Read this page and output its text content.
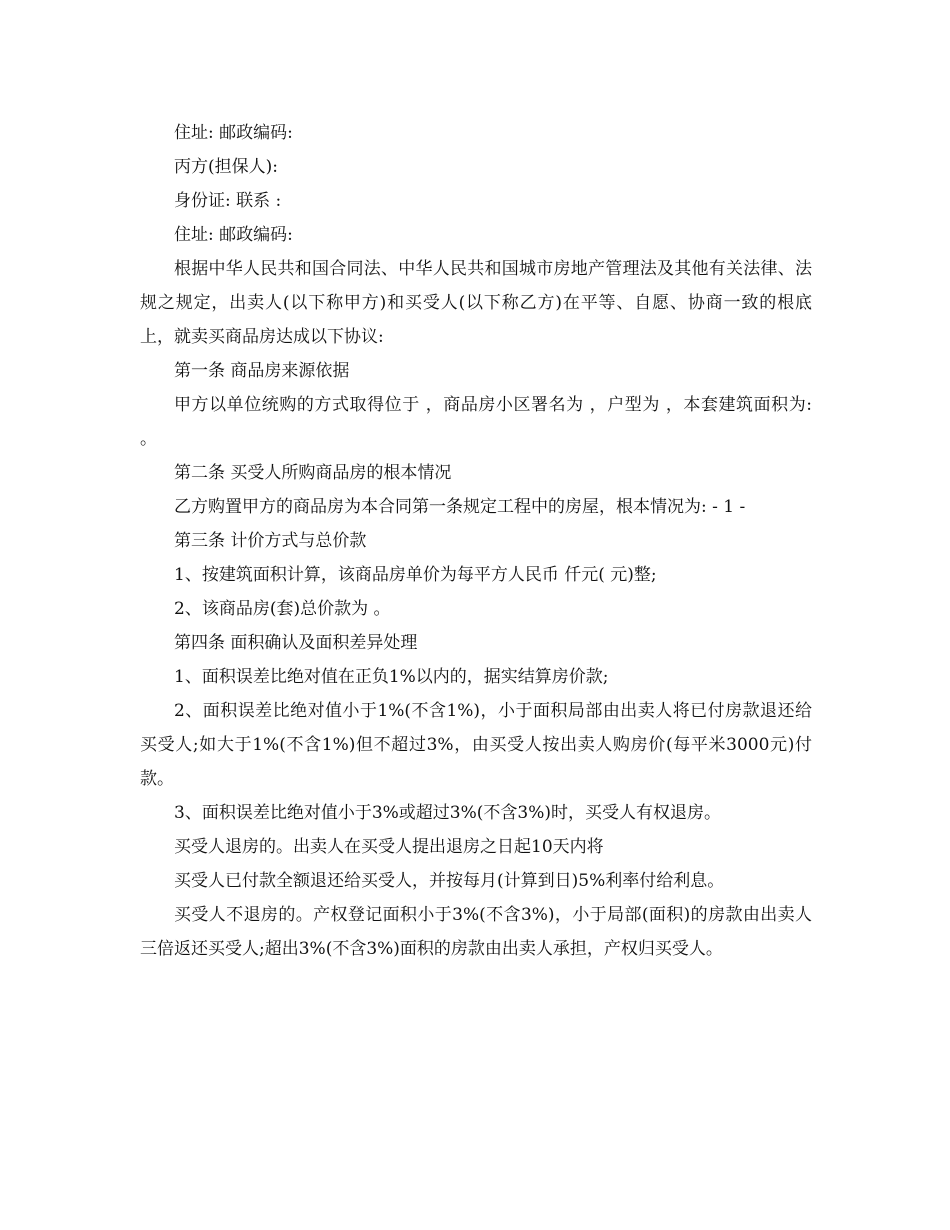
住址: 邮政编码:

丙方(担保人):

身份证: 联系 :

住址: 邮政编码:

根据中华人民共和国合同法、中华人民共和国城市房地产管理法及其他有关法律、法规之规定，出卖人(以下称甲方)和买受人(以下称乙方)在平等、自愿、协商一致的根底上，就卖买商品房达成以下协议:

第一条 商品房来源依据

甲方以单位统购的方式取得位于 ，商品房小区署名为 ，户型为 ，本套建筑面积为: 。

第二条 买受人所购商品房的根本情况

乙方购置甲方的商品房为本合同第一条规定工程中的房屋，根本情况为: - 1 -

第三条 计价方式与总价款

1、按建筑面积计算，该商品房单价为每平方人民币 仟元( 元)整;

2、该商品房(套)总价款为 。

第四条 面积确认及面积差异处理

1、面积误差比绝对值在正负1%以内的，据实结算房价款;

2、面积误差比绝对值小于1%(不含1%)，小于面积局部由出卖人将已付房款退还给买受人;如大于1%(不含1%)但不超过3%，由买受人按出卖人购房价(每平米3000元)付款。

3、面积误差比绝对值小于3%或超过3%(不含3%)时，买受人有权退房。

买受人退房的。出卖人在买受人提出退房之日起10天内将

买受人已付款全额退还给买受人，并按每月(计算到日)5%利率付给利息。

买受人不退房的。产权登记面积小于3%(不含3%)，小于局部(面积)的房款由出卖人三倍返还买受人;超出3%(不含3%)面积的房款由出卖人承担，产权归买受人。
